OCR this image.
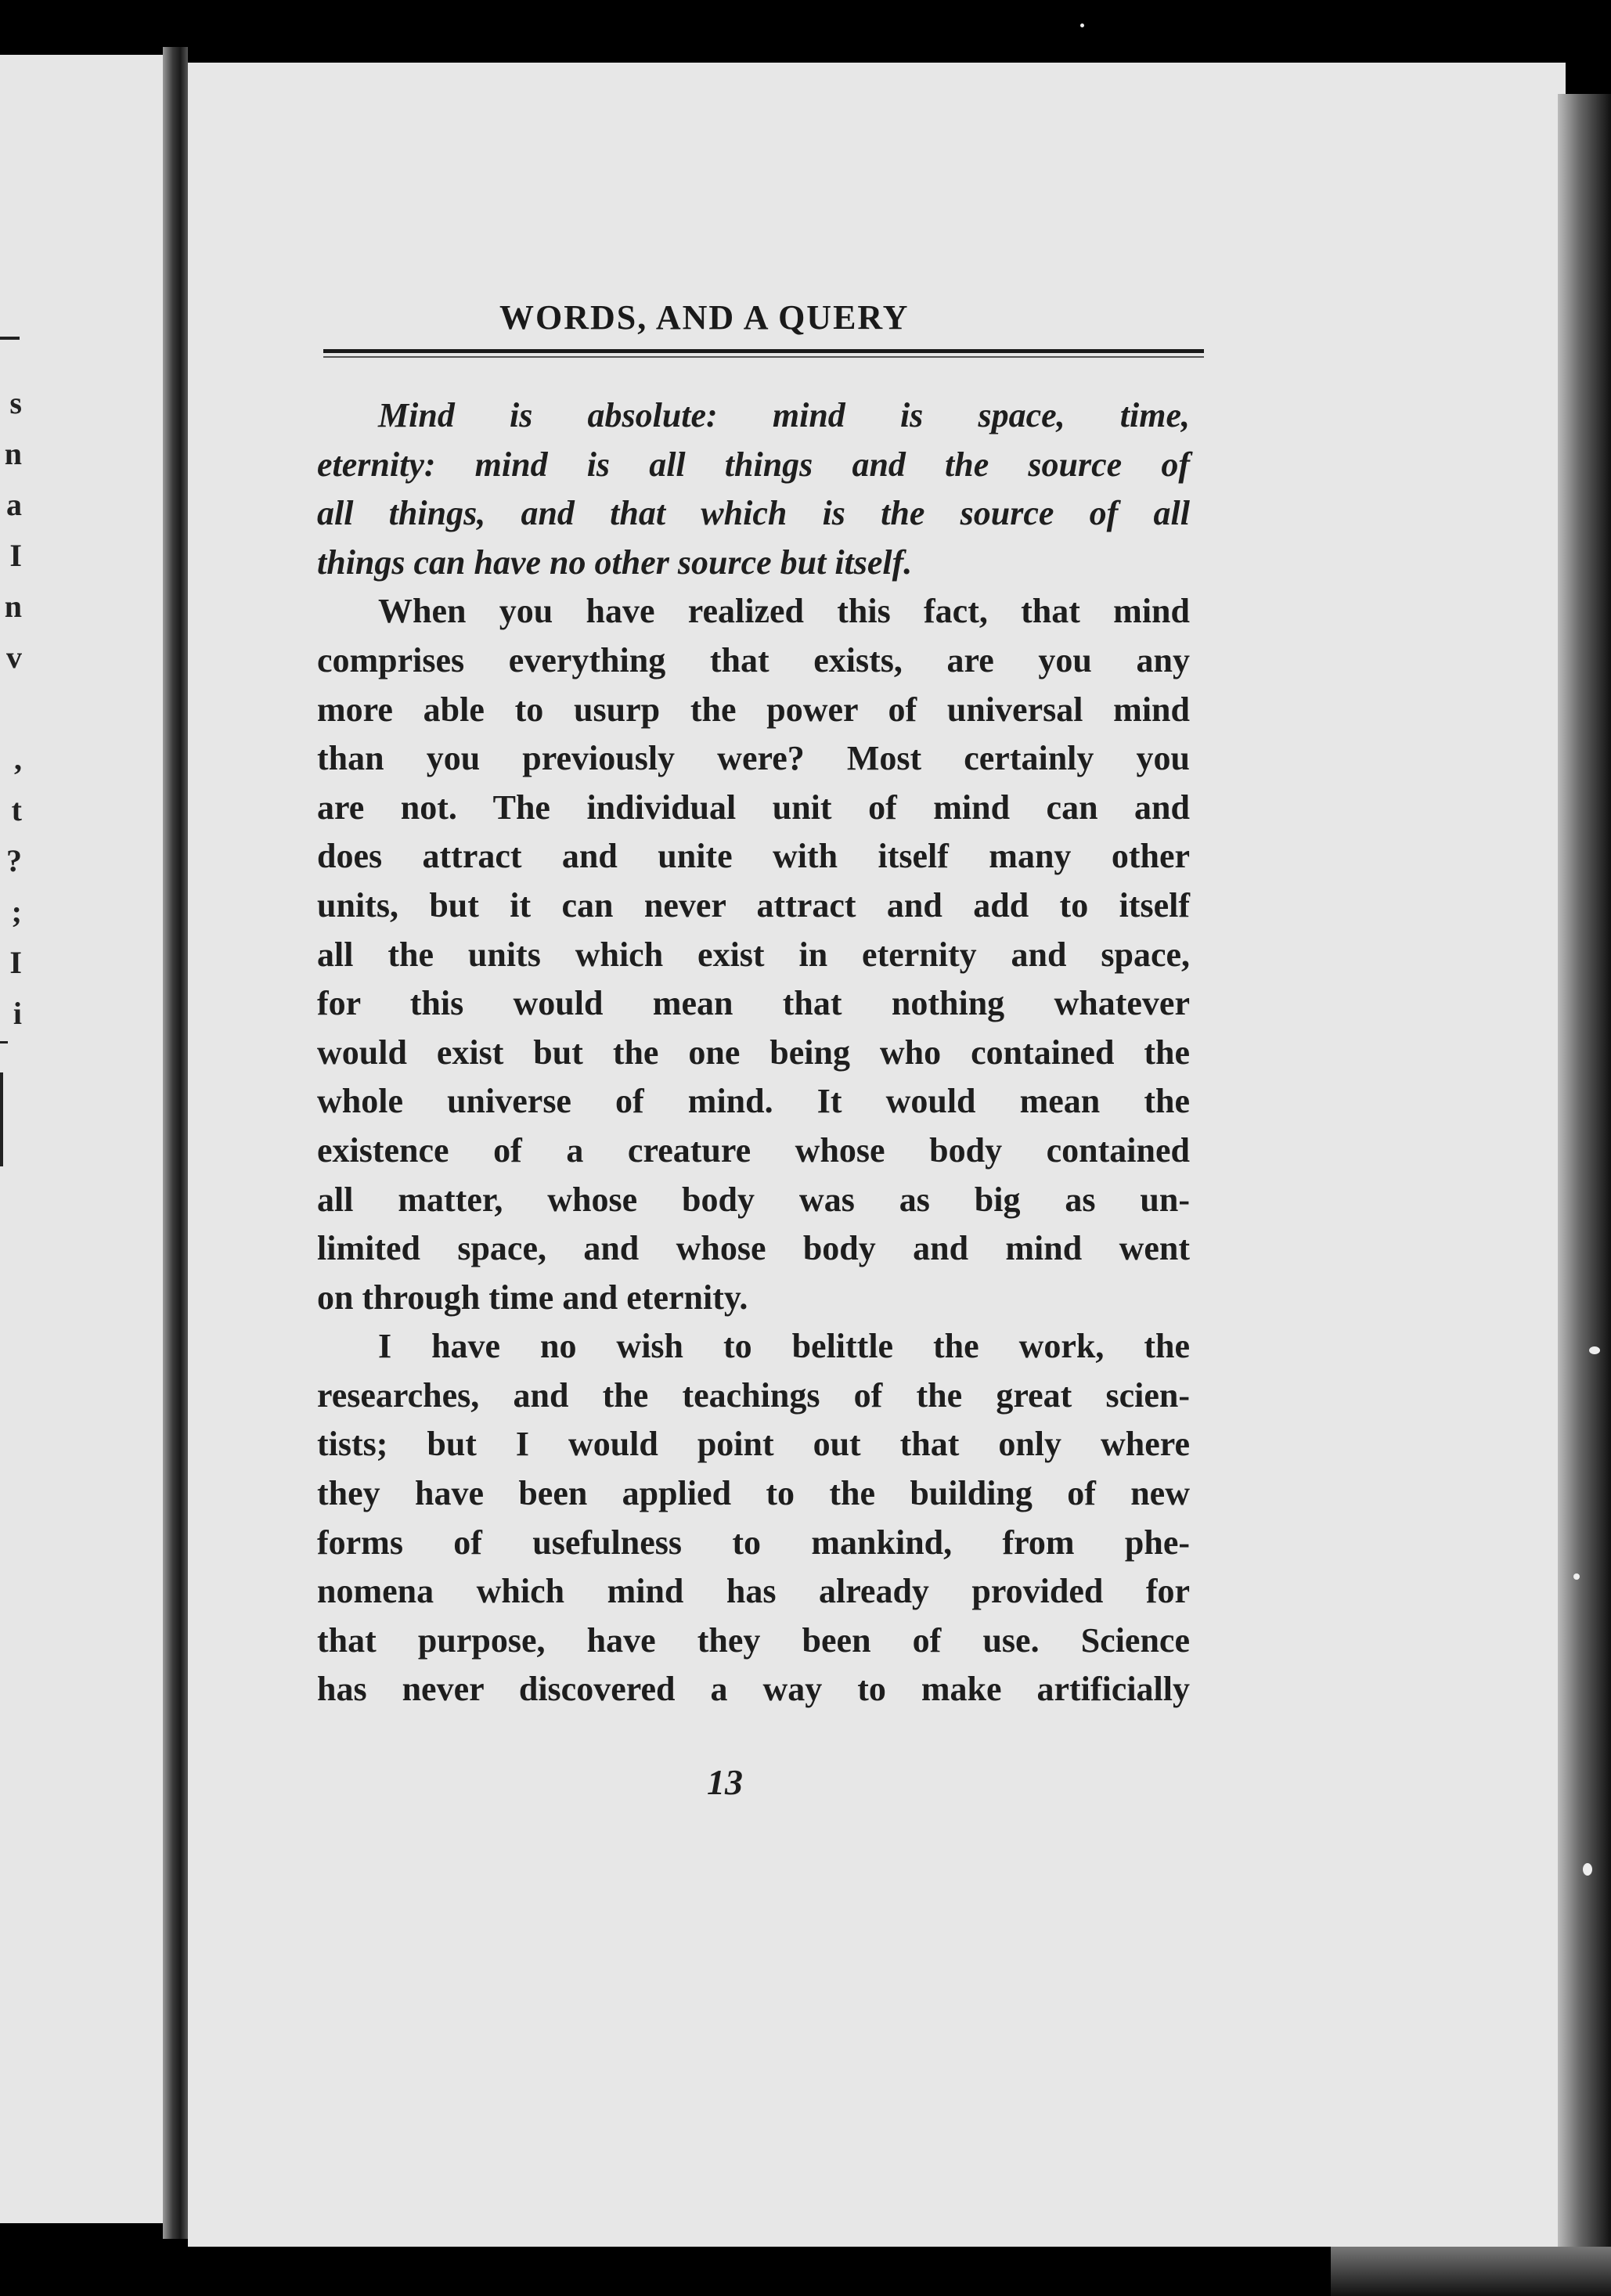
s
n
a
I
n
v
,
t
?
;
I
i
WORDS, AND A QUERY
Mind is absolute: mind is space, time,
eternity: mind is all things and the source of
all things, and that which is the source of all
things can have no other source but itself.
When you have realized this fact, that mind
comprises everything that exists, are you any
more able to usurp the power of universal mind
than you previously were? Most certainly you
are not. The individual unit of mind can and
does attract and unite with itself many other
units, but it can never attract and add to itself
all the units which exist in eternity and space,
for this would mean that nothing whatever
would exist but the one being who contained the
whole universe of mind. It would mean the
existence of a creature whose body contained
all matter, whose body was as big as un-
limited space, and whose body and mind went
on through time and eternity.
I have no wish to belittle the work, the
researches, and the teachings of the great scien-
tists; but I would point out that only where
they have been applied to the building of new
forms of usefulness to mankind, from phe-
nomena which mind has already provided for
that purpose, have they been of use. Science
has never discovered a way to make artificially
13
